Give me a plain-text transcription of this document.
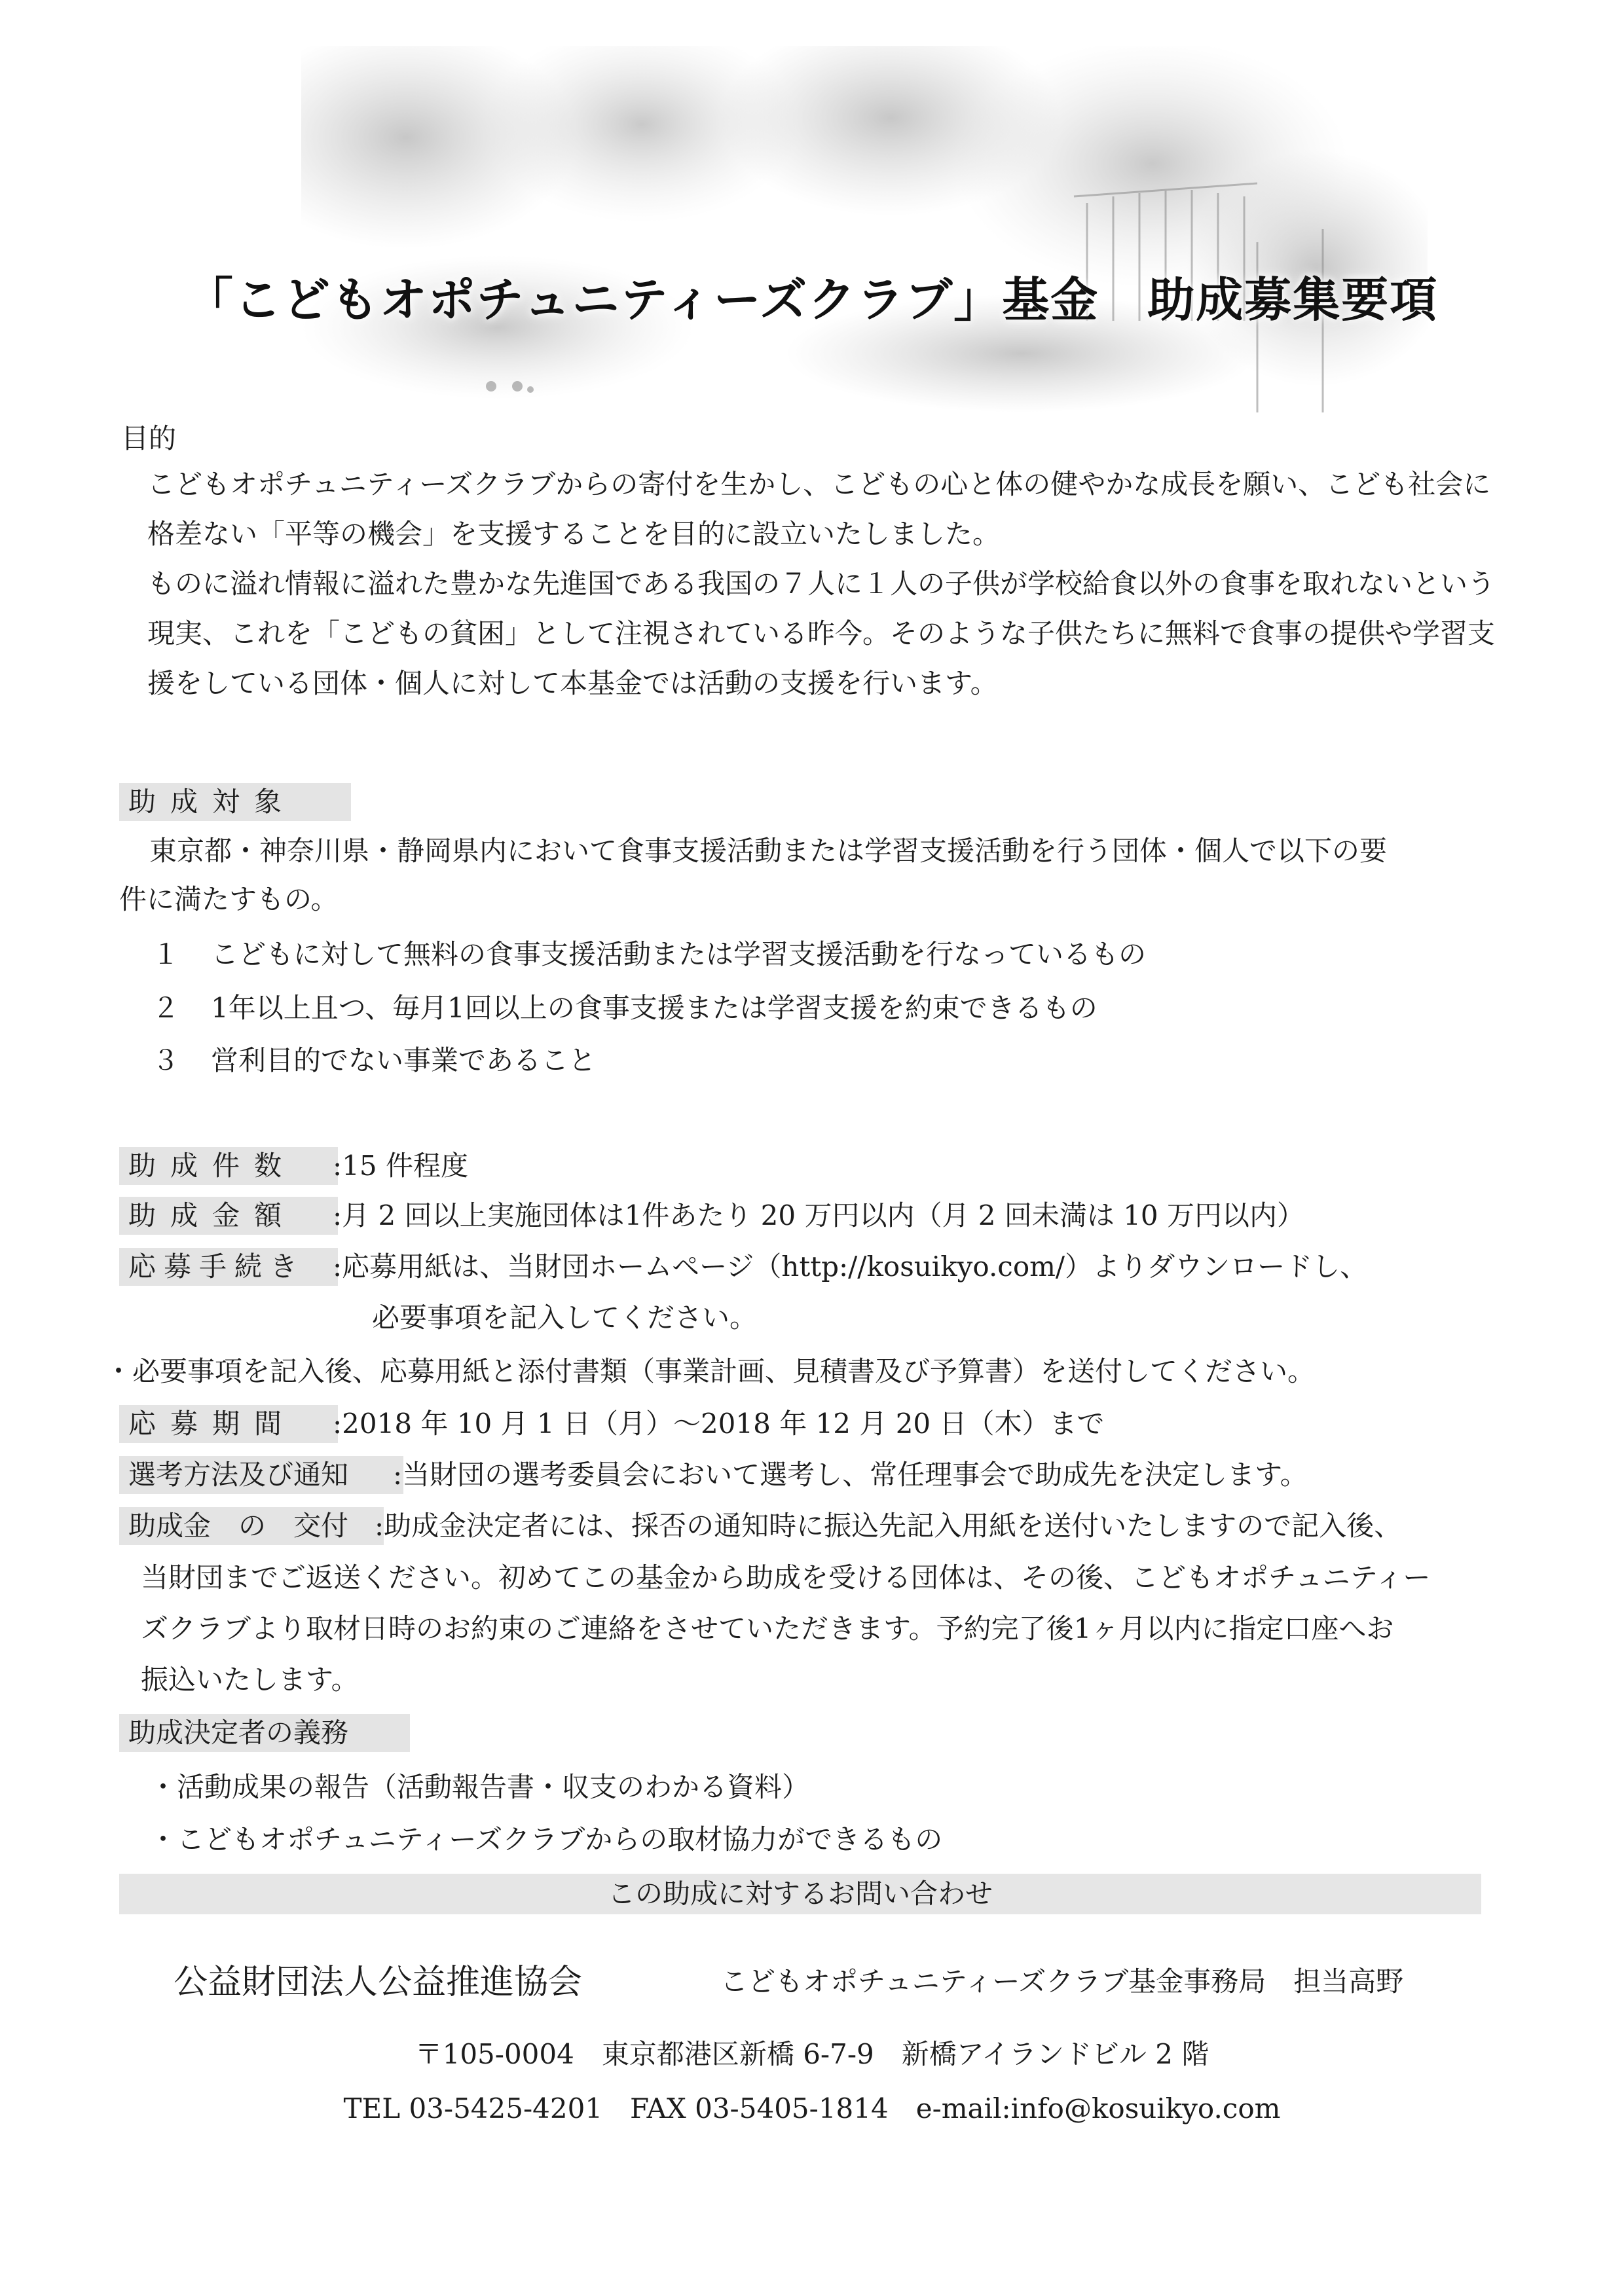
「こどもオポチュニティーズクラブ」基金　助成募集要項
目的
こどもオポチュニティーズクラブからの寄付を生かし、こどもの心と体の健やかな成長を願い、こども社会に格差ない「平等の機会」を支援することを目的に設立いたしました。
ものに溢れ情報に溢れた豊かな先進国である我国の７人に１人の子供が学校給食以外の食事を取れないという現実、これを「こどもの貧困」として注視されている昨今。そのような子供たちに無料で食事の提供や学習支援をしている団体・個人に対して本基金では活動の支援を行います。
助成対象
東京都・神奈川県・静岡県内において食事支援活動または学習支援活動を行う団体・個人で以下の要
件に満たすもの。
１ こどもに対して無料の食事支援活動または学習支援活動を行なっているもの
２ 1年以上且つ、毎月1回以上の食事支援または学習支援を約束できるもの
３ 営利目的でない事業であること
助成件数	:15 件程度
助成金額	:月 2 回以上実施団体は1件あたり 20 万円以内（月 2 回未満は 10 万円以内）
応募手続き :応募用紙は、当財団ホームページ（http://kosuikyo.com/）よりダウンロードし、
必要事項を記入してください。
・必要事項を記入後、応募用紙と添付書類（事業計画、見積書及び予算書）を送付してください。
応募期間	:2018 年 10 月 1 日（月）～2018 年 12 月 20 日（木）まで
選考方法及び通知	:当財団の選考委員会において選考し、常任理事会で助成先を決定します。
助成金　の　交付 :助成金決定者には、採否の通知時に振込先記入用紙を送付いたしますので記入後、
当財団までご返送ください。初めてこの基金から助成を受ける団体は、その後、こどもオポチュニティー
ズクラブより取材日時のお約束のご連絡をさせていただきます。予約完了後1ヶ月以内に指定口座へお
振込いたします。
助成決定者の義務
・活動成果の報告（活動報告書・収支のわかる資料）
・こどもオポチュニティーズクラブからの取材協力ができるもの
この助成に対するお問い合わせ
公益財団法人公益推進協会	こどもオポチュニティーズクラブ基金事務局　担当高野
〒105-0004　東京都港区新橋 6-7-9　新橋アイランドビル 2 階
TEL 03-5425-4201　FAX 03-5405-1814　e-mail:info@kosuikyo.com
